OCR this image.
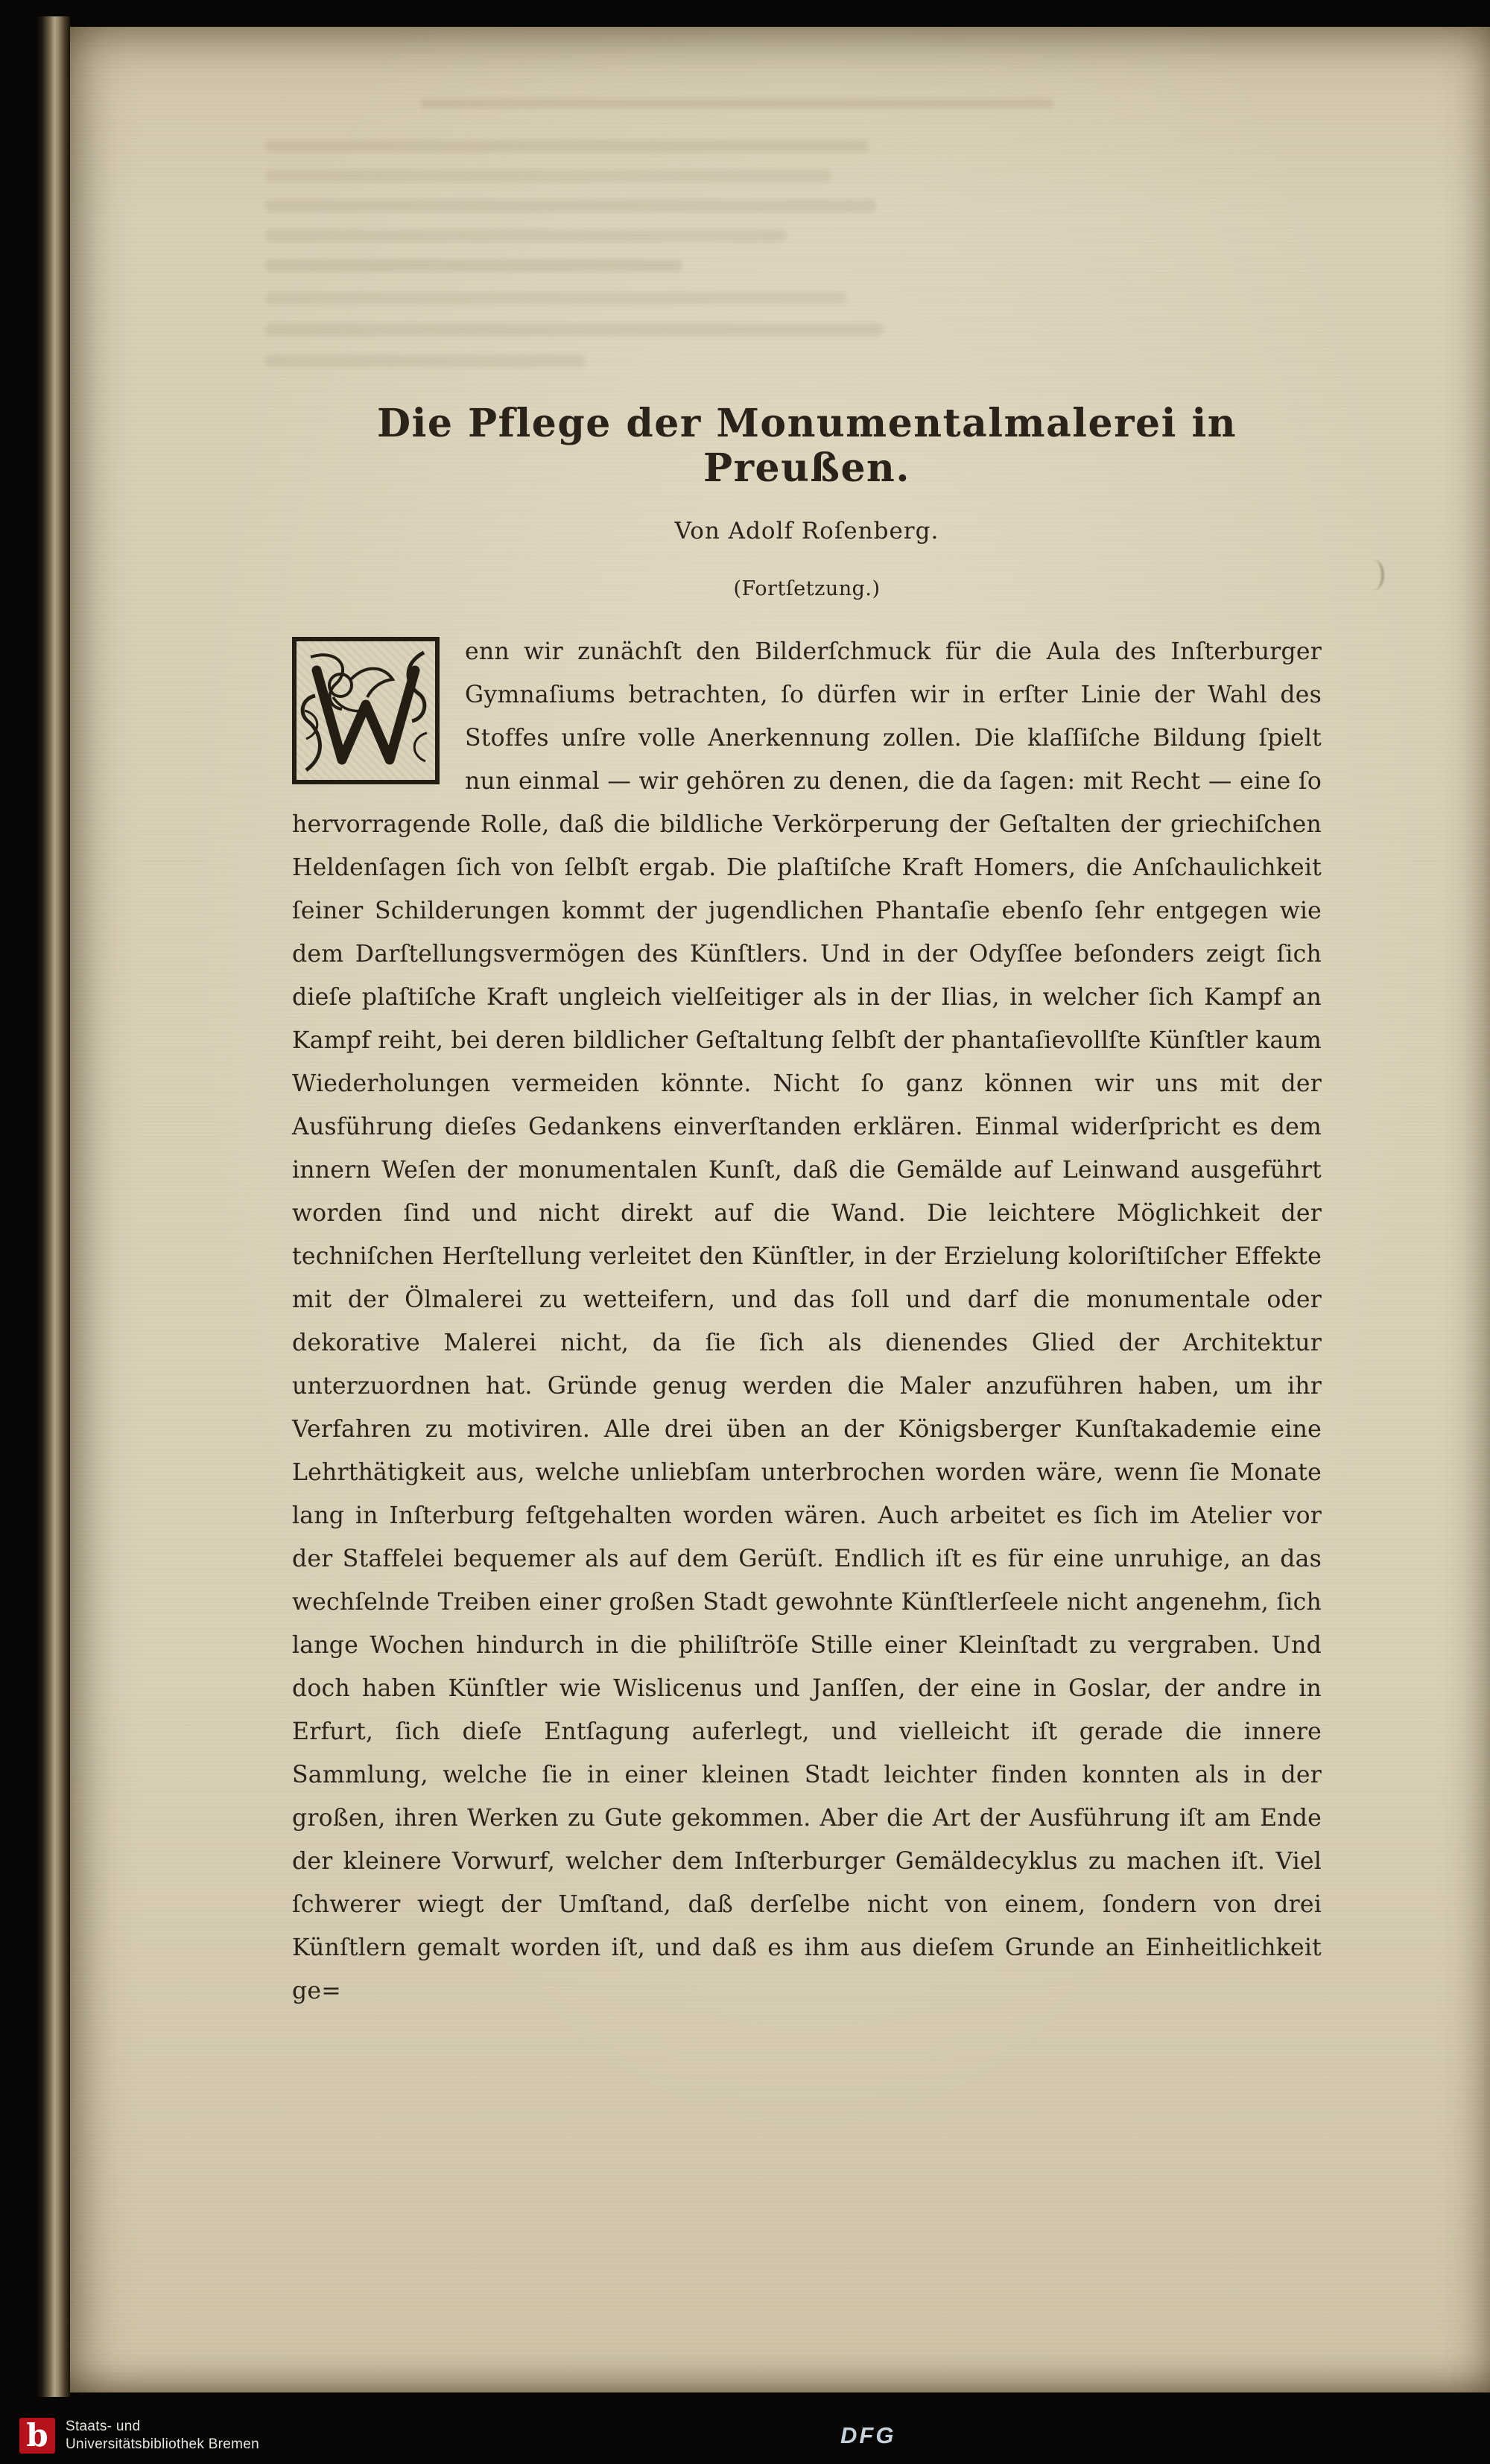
Die Pflege der Monumentalmalerei in Preußen.
Von Adolf Roſenberg.
(Fortſetzung.)
enn wir zunächſt den Bilderſchmuck für die Aula des Inſterburger Gymnaſiums betrachten, ſo dürfen wir in erſter Linie der Wahl des Stoffes unſre volle Anerkennung zollen. Die klaſſiſche Bildung ſpielt nun einmal — wir gehören zu denen, die da ſagen: mit Recht — eine ſo hervorragende Rolle, daß die bildliche Verkörperung der Geſtalten der griechiſchen Heldenſagen ſich von ſelbſt ergab. Die plaſtiſche Kraft Homers, die Anſchaulichkeit ſeiner Schilderungen kommt der jugendlichen Phantaſie ebenſo ſehr entgegen wie dem Darſtellungsvermögen des Künſtlers. Und in der Odyſſee beſonders zeigt ſich dieſe plaſtiſche Kraft ungleich vielſeitiger als in der Ilias, in welcher ſich Kampf an Kampf reiht, bei deren bildlicher Geſtaltung ſelbſt der phantaſievollſte Künſtler kaum Wiederholungen vermeiden könnte. Nicht ſo ganz können wir uns mit der Ausführung dieſes Gedankens einverſtanden erklären. Einmal widerſpricht es dem innern Weſen der monumentalen Kunſt, daß die Gemälde auf Leinwand ausgeführt worden ſind und nicht direkt auf die Wand. Die leichtere Möglichkeit der techniſchen Herſtellung verleitet den Künſtler, in der Erzielung koloriſtiſcher Effekte mit der Ölmalerei zu wetteifern, und das ſoll und darf die monumentale oder dekorative Malerei nicht, da ſie ſich als dienendes Glied der Architektur unterzuordnen hat. Gründe genug werden die Maler anzuführen haben, um ihr Verfahren zu motiviren. Alle drei üben an der Königsberger Kunſtakademie eine Lehrthätigkeit aus, welche unliebſam unterbrochen worden wäre, wenn ſie Monate lang in Inſterburg feſtgehalten worden wären. Auch arbeitet es ſich im Atelier vor der Staffelei bequemer als auf dem Gerüſt. Endlich iſt es für eine unruhige, an das wechſelnde Treiben einer großen Stadt gewohnte Künſtlerſeele nicht angenehm, ſich lange Wochen hindurch in die philiſtröſe Stille einer Kleinſtadt zu vergraben. Und doch haben Künſtler wie Wislicenus und Janſſen, der eine in Goslar, der andre in Erfurt, ſich dieſe Entſagung auferlegt, und vielleicht iſt gerade die innere Sammlung, welche ſie in einer kleinen Stadt leichter finden konnten als in der großen, ihren Werken zu Gute gekommen. Aber die Art der Ausführung iſt am Ende der kleinere Vorwurf, welcher dem Inſterburger Gemäldecyklus zu machen iſt. Viel ſchwerer wiegt der Umſtand, daß derſelbe nicht von einem, ſondern von drei Künſtlern gemalt worden iſt, und daß es ihm aus dieſem Grunde an Einheitlichkeit ge=
b	Staats- und
Universitätsbibliothek Bremen	DFG
